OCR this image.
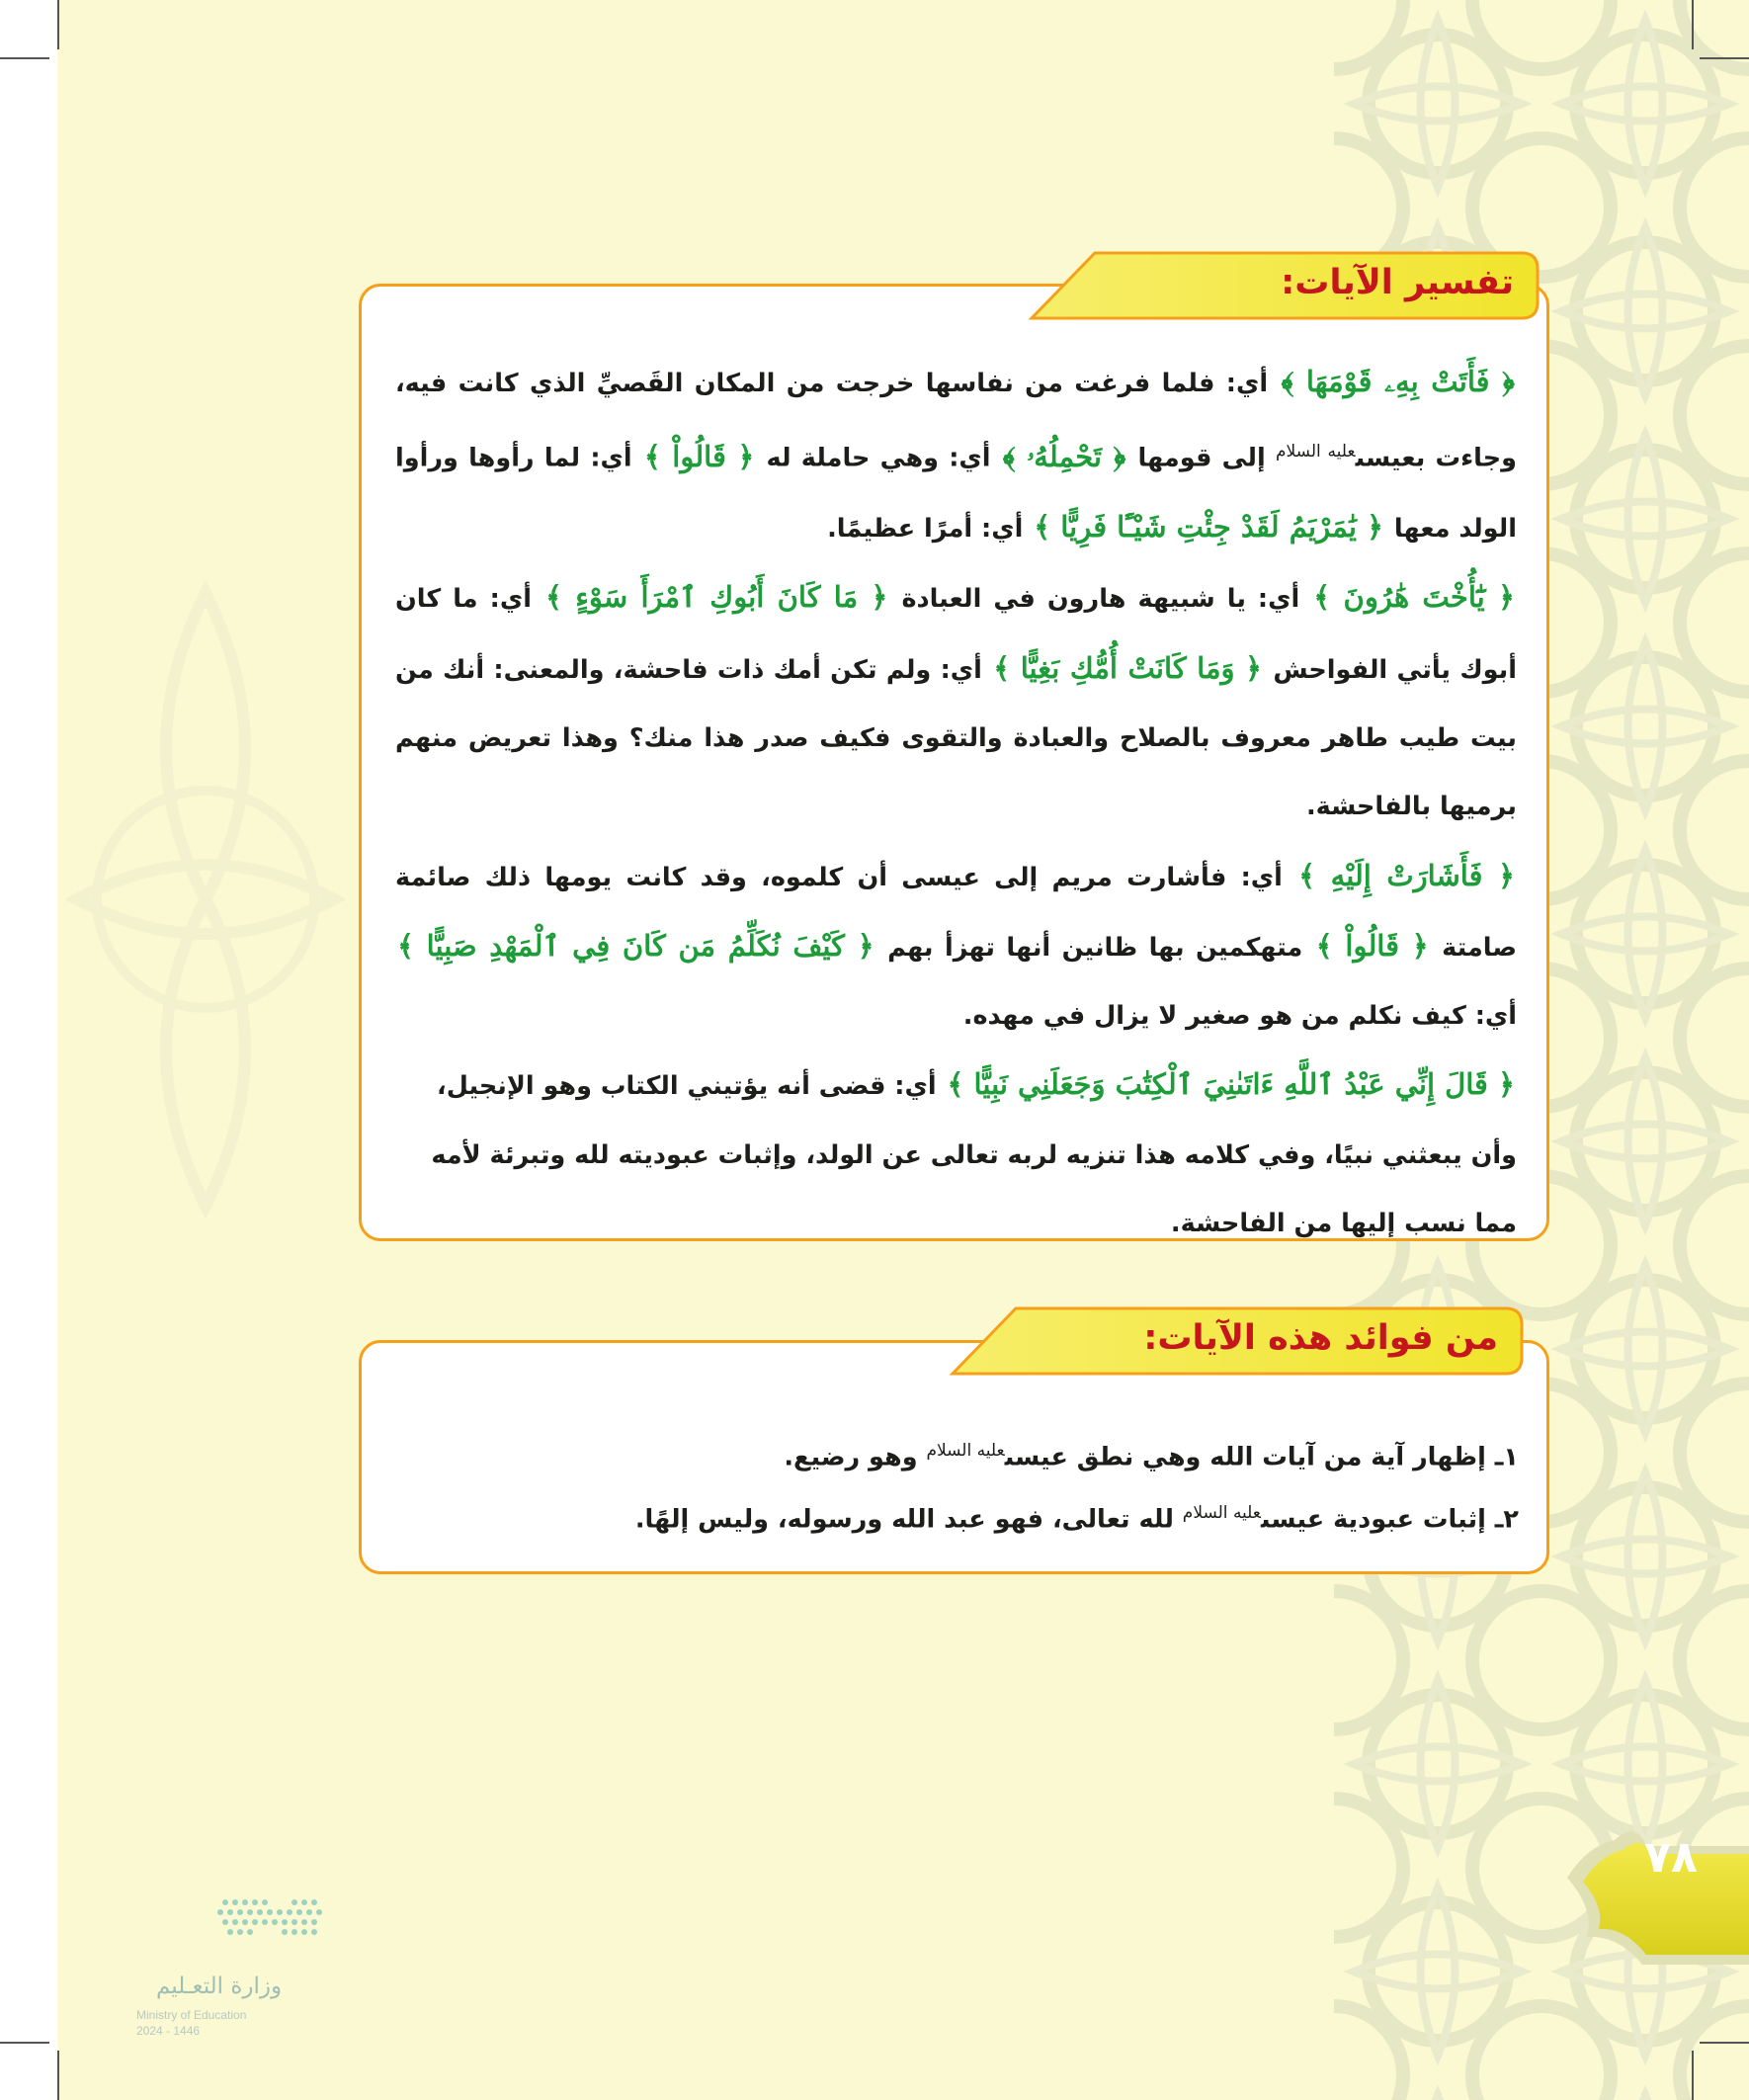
﴿ فَأَتَتْ بِهِۦ قَوْمَهَا ﴾ أي: فلما فرغت من نفاسها خرجت من المكان القَصيِّ الذي كانت فيه، وجاءت بعيسى$^{عليه السلام}$ إلى قومها ﴿ تَحْمِلُهُۥ ﴾ أي: وهي حاملة له ﴿ قَالُواْ ﴾ أي: لما رأوها ورأوا الولد معها ﴿ يَٰمَرْيَمُ لَقَدْ جِئْتِ شَيْـًٔا فَرِيًّا ﴾ أي: أمرًا عظيمًا.

﴿ يَٰٓأُخْتَ هَٰرُونَ ﴾ أي: يا شبيهة هارون في العبادة ﴿ مَا كَانَ أَبُوكِ ٱمْرَأَ سَوْءٍ ﴾ أي: ما كان أبوك يأتي الفواحش ﴿ وَمَا كَانَتْ أُمُّكِ بَغِيًّا ﴾ أي: ولم تكن أمك ذات فاحشة، والمعنى: أنك من بيت طيب طاهر معروف بالصلاح والعبادة والتقوى فكيف صدر هذا منك؟ وهذا تعريض منهم برميها بالفاحشة.

﴿ فَأَشَارَتْ إِلَيْهِ ﴾ أي: فأشارت مريم إلى عيسى أن كلموه، وقد كانت يومها ذلك صائمة صامتة ﴿ قَالُواْ ﴾ متهكمين بها ظانين أنها تهزأ بهم ﴿ كَيْفَ نُكَلِّمُ مَن كَانَ فِي ٱلْمَهْدِ صَبِيًّا ﴾ أي: كيف نكلم من هو صغير لا يزال في مهده.

﴿ قَالَ إِنِّي عَبْدُ ٱللَّهِ ءَاتَىٰنِيَ ٱلْكِتَٰبَ وَجَعَلَنِي نَبِيًّا ﴾ أي: قضى أنه يؤتيني الكتاب وهو الإنجيل، وأن يبعثني نبيًا، وفي كلامه هذا تنزيه لربه تعالى عن الولد، وإثبات عبوديته لله وتبرئة لأمه مما نسب إليها من الفاحشة.

تفسير الآيات:
١ـ إظهار آية من آيات الله وهي نطق عيسى$^{عليه السلام}$ وهو رضيع.
٢ـ إثبات عبودية عيسى$^{عليه السلام}$ لله تعالى، فهو عبد الله ورسوله، وليس إلهًا.
من فوائد هذه الآيات:
٧٨
وزارة التعـليم
Ministry of Education
2024 - 1446
